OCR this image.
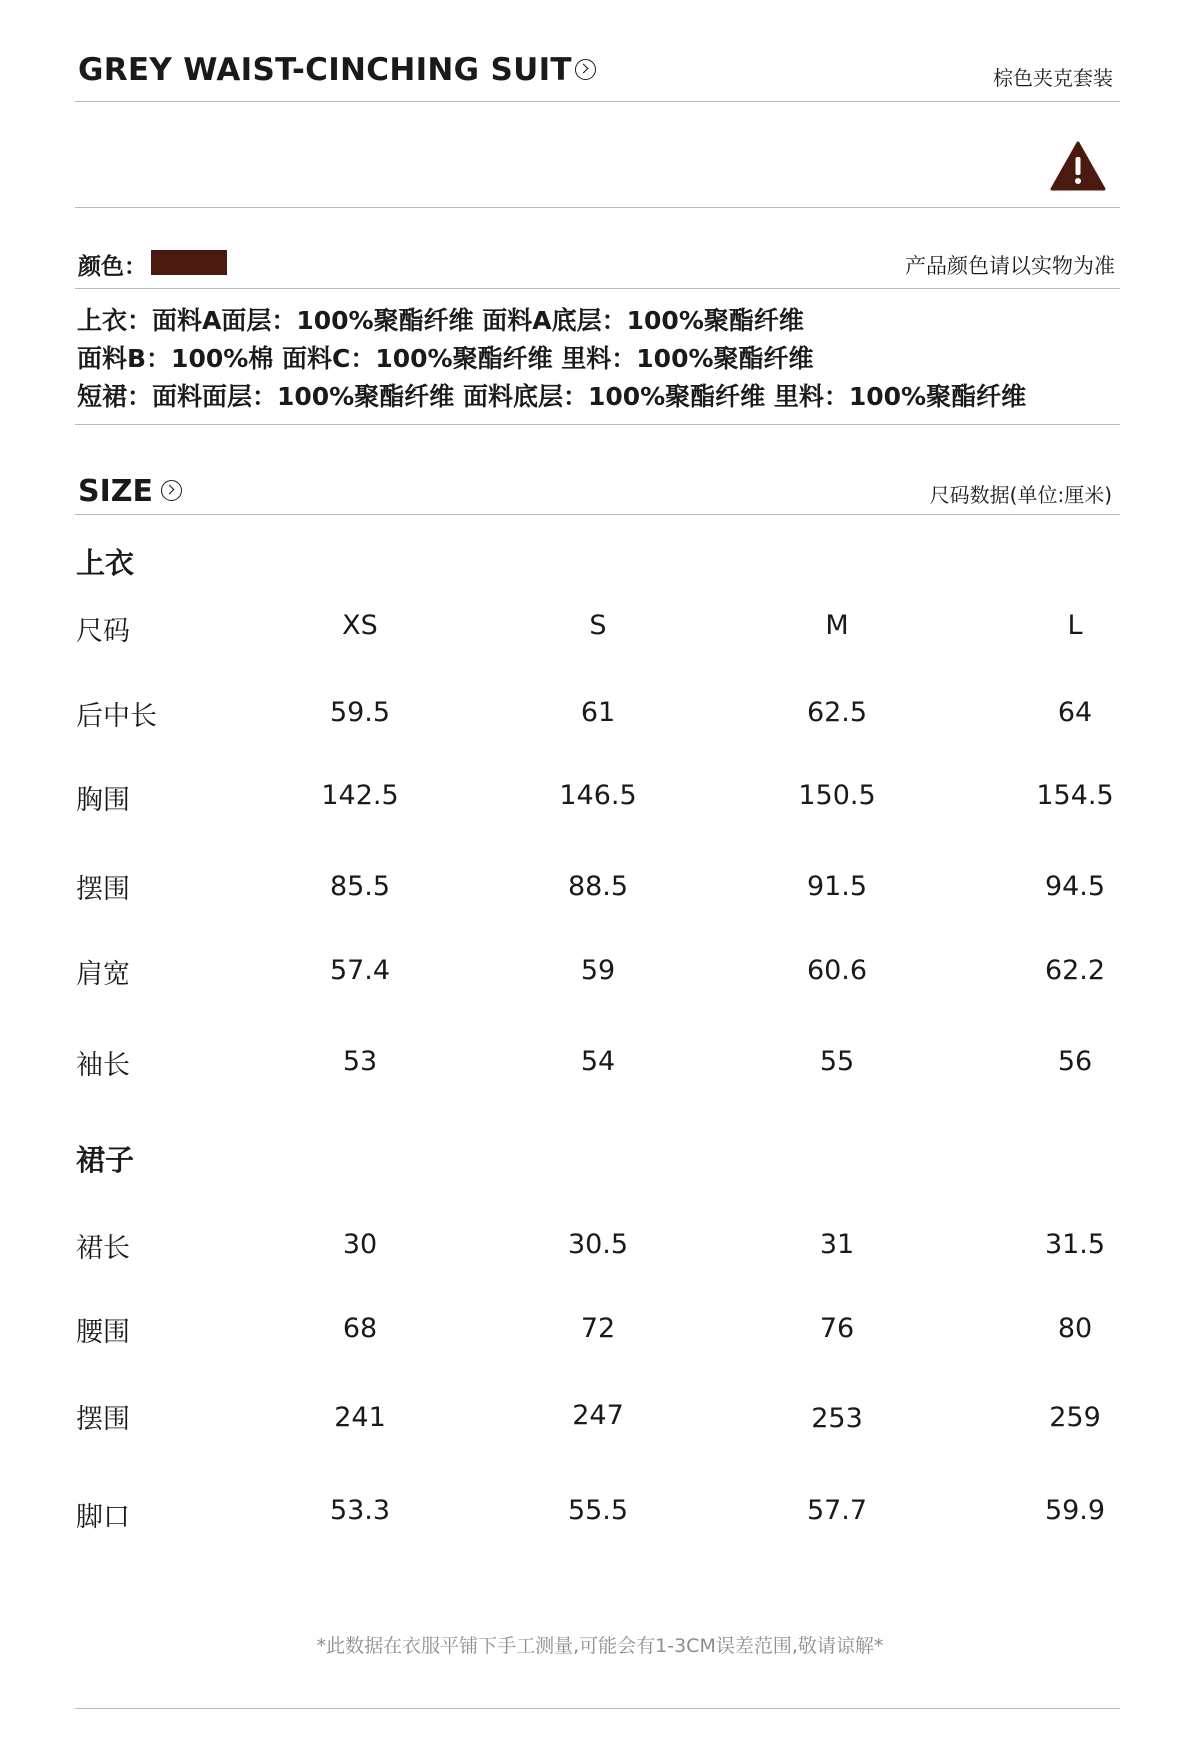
GREY WAIST-CINCHING SUIT	棕色夹克套装
颜色：	产品颜色请以实物为准
上衣：面料A面层：100%聚酯纤维 面料A底层：100%聚酯纤维
面料B：100%棉 面料C：100%聚酯纤维 里料：100%聚酯纤维
短裙：面料面层：100%聚酯纤维 面料底层：100%聚酯纤维 里料：100%聚酯纤维
SIZE	尺码数据(单位:厘米)
上衣
尺码	XS	S	M	L
后中长	59.5	61	62.5	64
胸围	142.5	146.5	150.5	154.5
摆围	85.5	88.5	91.5	94.5
肩宽	57.4	59	60.6	62.2
袖长	53	54	55	56
裙子
裙长	30	30.5	31	31.5
腰围	68	72	76	80
摆围	241	247	253	259
脚口	53.3	55.5	57.7	59.9
*此数据在衣服平铺下手工测量,可能会有1-3CM误差范围,敬请谅解*
